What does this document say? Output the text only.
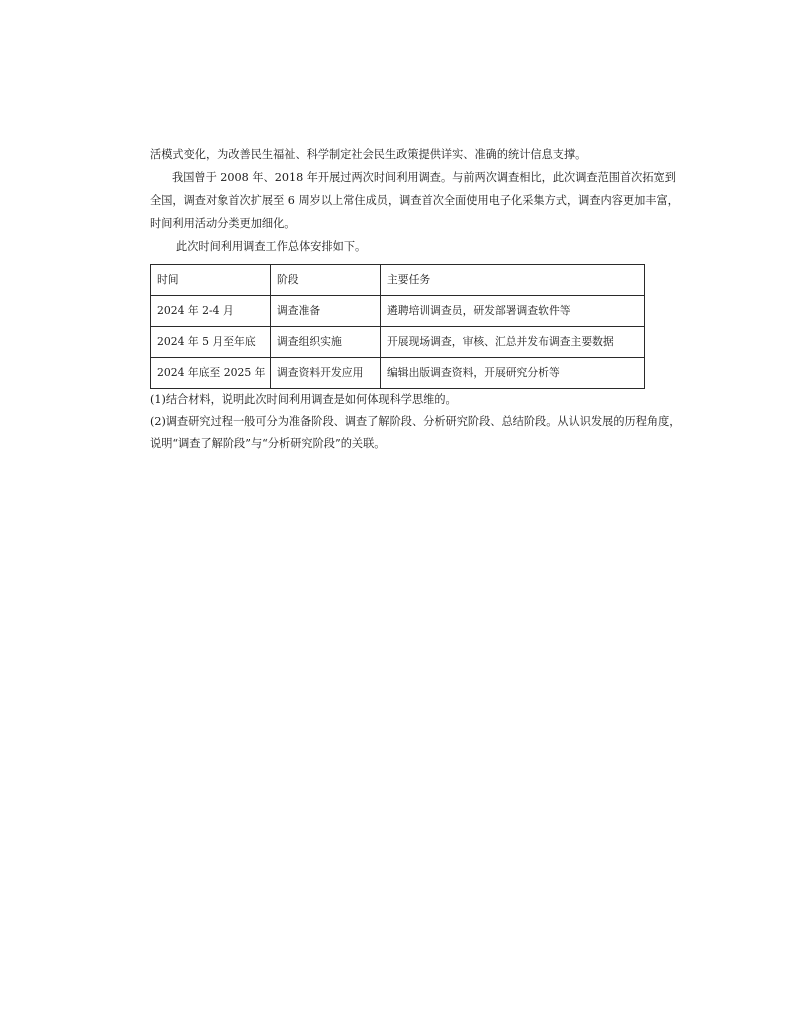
活模式变化，为改善民生福祉、科学制定社会民生政策提供详实、准确的统计信息支撑。

我国曾于 2008 年、2018 年开展过两次时间利用调查。与前两次调查相比，此次调查范围首次拓宽到

全国，调查对象首次扩展至 6 周岁以上常住成员，调查首次全面使用电子化采集方式，调查内容更加丰富，

时间利用活动分类更加细化。

此次时间利用调查工作总体安排如下。

时间	阶段	主要任务
2024 年 2-4 月	调查准备	遴聘培训调查员，研发部署调查软件等
2024 年 5 月至年底	调查组织实施	开展现场调查，审核、汇总并发布调查主要数据
2024 年底至 2025 年	调查资料开发应用	编辑出版调查资料，开展研究分析等

(1)结合材料，说明此次时间利用调查是如何体现科学思维的。

(2)调查研究过程一般可分为准备阶段、调查了解阶段、分析研究阶段、总结阶段。从认识发展的历程角度，

说明“调查了解阶段”与“分析研究阶段”的关联。
